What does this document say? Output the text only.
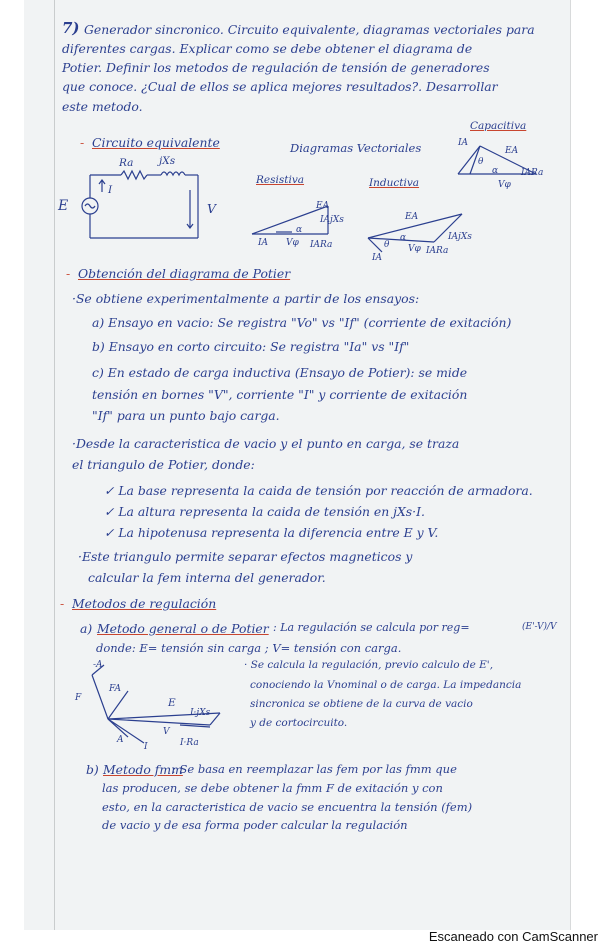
7) Generador sincronico. Circuito equivalente, diagramas vectoriales para
diferentes cargas. Explicar como se debe obtener el diagrama de
Potier. Definir los metodos de regulación de tensión de generadores
que conoce. ¿Cual de ellos se aplica mejores resultados?. Desarrollar
este metodo.
- Circuito equivalente	Diagramas Vectoriales
Capacitiva
Resistiva	Inductiva
Ra jXs
I
E	V
IA
EA
θ
α	IARa
Vφ
EA
IAjXs
α
IA Vφ IARa
EA
α
θ
IA
Vφ IARa
IAjXs
- Obtención del diagrama de Potier
·Se obtiene experimentalmente a partir de los ensayos:
a) Ensayo en vacio: Se registra "Vo" vs "If" (corriente de exitación)
b) Ensayo en corto circuito: Se registra "Ia" vs "If"
c) En estado de carga inductiva (Ensayo de Potier): se mide
tensión en bornes "V", corriente "I" y corriente de exitación
"If" para un punto bajo carga.
·Desde la caracteristica de vacio y el punto en carga, se traza
el triangulo de Potier, donde:
✓ La base representa la caida de tensión por reacción de armadora.
✓ La altura representa la caida de tensión en jXs·I.
✓ La hipotenusa representa la diferencia entre E y V.
·Este triangulo permite separar efectos magneticos y
calcular la fem interna del generador.
- Metodos de regulación
a) Metodo general o de Potier : La regulación se calcula por reg=	(E'-V)/V
donde: E= tensión sin carga ; V= tensión con carga.
-A
FA
F	E
I·jXs
V
A
I	I·Ra
· Se calcula la regulación, previo calculo de E',
conociendo la Vnominal o de carga. La impedancia
sincronica se obtiene de la curva de vacio
y de cortocircuito.
b) Metodo fmm
: Se basa en reemplazar las fem por las fmm que
las producen, se debe obtener la fmm F de exitación y con
esto, en la caracteristica de vacio se encuentra la tensión (fem)
de vacio y de esa forma poder calcular la regulación
Escaneado con CamScanner
